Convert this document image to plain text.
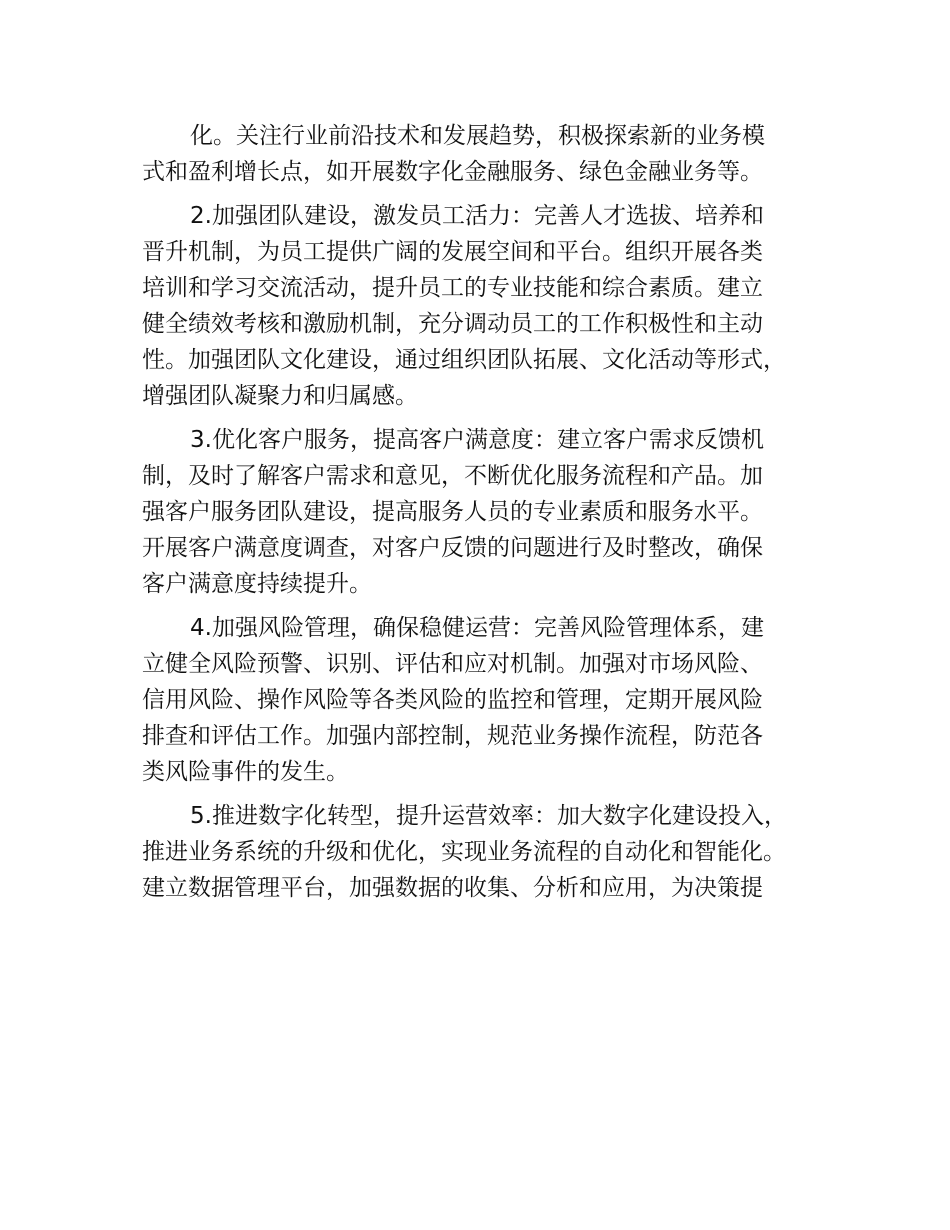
化。关注行业前沿技术和发展趋势，积极探索新的业务模
式和盈利增长点，如开展数字化金融服务、绿色金融业务等。
2.加强团队建设，激发员工活力：完善人才选拔、培养和
晋升机制，为员工提供广阔的发展空间和平台。组织开展各类
培训和学习交流活动，提升员工的专业技能和综合素质。建立
健全绩效考核和激励机制，充分调动员工的工作积极性和主动
性。加强团队文化建设，通过组织团队拓展、文化活动等形式，
增强团队凝聚力和归属感。
3.优化客户服务，提高客户满意度：建立客户需求反馈机
制，及时了解客户需求和意见，不断优化服务流程和产品。加
强客户服务团队建设，提高服务人员的专业素质和服务水平。
开展客户满意度调查，对客户反馈的问题进行及时整改，确保
客户满意度持续提升。
4.加强风险管理，确保稳健运营：完善风险管理体系，建
立健全风险预警、识别、评估和应对机制。加强对市场风险、
信用风险、操作风险等各类风险的监控和管理，定期开展风险
排查和评估工作。加强内部控制，规范业务操作流程，防范各
类风险事件的发生。
5.推进数字化转型，提升运营效率：加大数字化建设投入，
推进业务系统的升级和优化，实现业务流程的自动化和智能化。
建立数据管理平台，加强数据的收集、分析和应用，为决策提
